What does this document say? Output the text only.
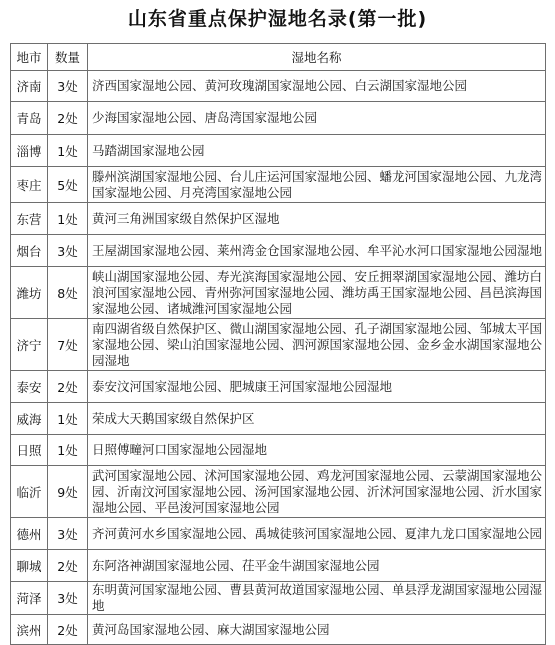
山东省重点保护湿地名录(第一批)
地市	数量	湿地名称
济南	3处	济西国家湿地公园、黄河玫瑰湖国家湿地公园、白云湖国家湿地公园
青岛	2处	少海国家湿地公园、唐岛湾国家湿地公园
淄博	1处	马踏湖国家湿地公园
枣庄	5处	滕州滨湖国家湿地公园、台儿庄运河国家湿地公园、蟠龙河国家湿地公园、九龙湾国家湿地公园、月亮湾国家湿地公园
东营	1处	黄河三角洲国家级自然保护区湿地
烟台	3处	王屋湖国家湿地公园、莱州湾金仓国家湿地公园、牟平沁水河口国家湿地公园湿地
潍坊	8处	峡山湖国家湿地公园、寿光滨海国家湿地公园、安丘拥翠湖国家湿地公园、潍坊白浪河国家湿地公园、青州弥河国家湿地公园、潍坊禹王国家湿地公园、昌邑滨海国家湿地公园、诸城潍河国家湿地公园
济宁	7处	南四湖省级自然保护区、微山湖国家湿地公园、孔子湖国家湿地公园、邹城太平国家湿地公园、梁山泊国家湿地公园、泗河源国家湿地公园、金乡金水湖国家湿地公园湿地
泰安	2处	泰安汶河国家湿地公园、肥城康王河国家湿地公园湿地
威海	1处	荣成大天鹅国家级自然保护区
日照	1处	日照傅疃河口国家湿地公园湿地
临沂	9处	武河国家湿地公园、沭河国家湿地公园、鸡龙河国家湿地公园、云蒙湖国家湿地公园、沂南汶河国家湿地公园、汤河国家湿地公园、沂沭河国家湿地公园、沂水国家湿地公园、平邑浚河国家湿地公园
德州	3处	齐河黄河水乡国家湿地公园、禹城徒骇河国家湿地公园、夏津九龙口国家湿地公园
聊城	2处	东阿洛神湖国家湿地公园、茌平金牛湖国家湿地公园
菏泽	3处	东明黄河国家湿地公园、曹县黄河故道国家湿地公园、单县浮龙湖国家湿地公园湿地
滨州	2处	黄河岛国家湿地公园、麻大湖国家湿地公园
